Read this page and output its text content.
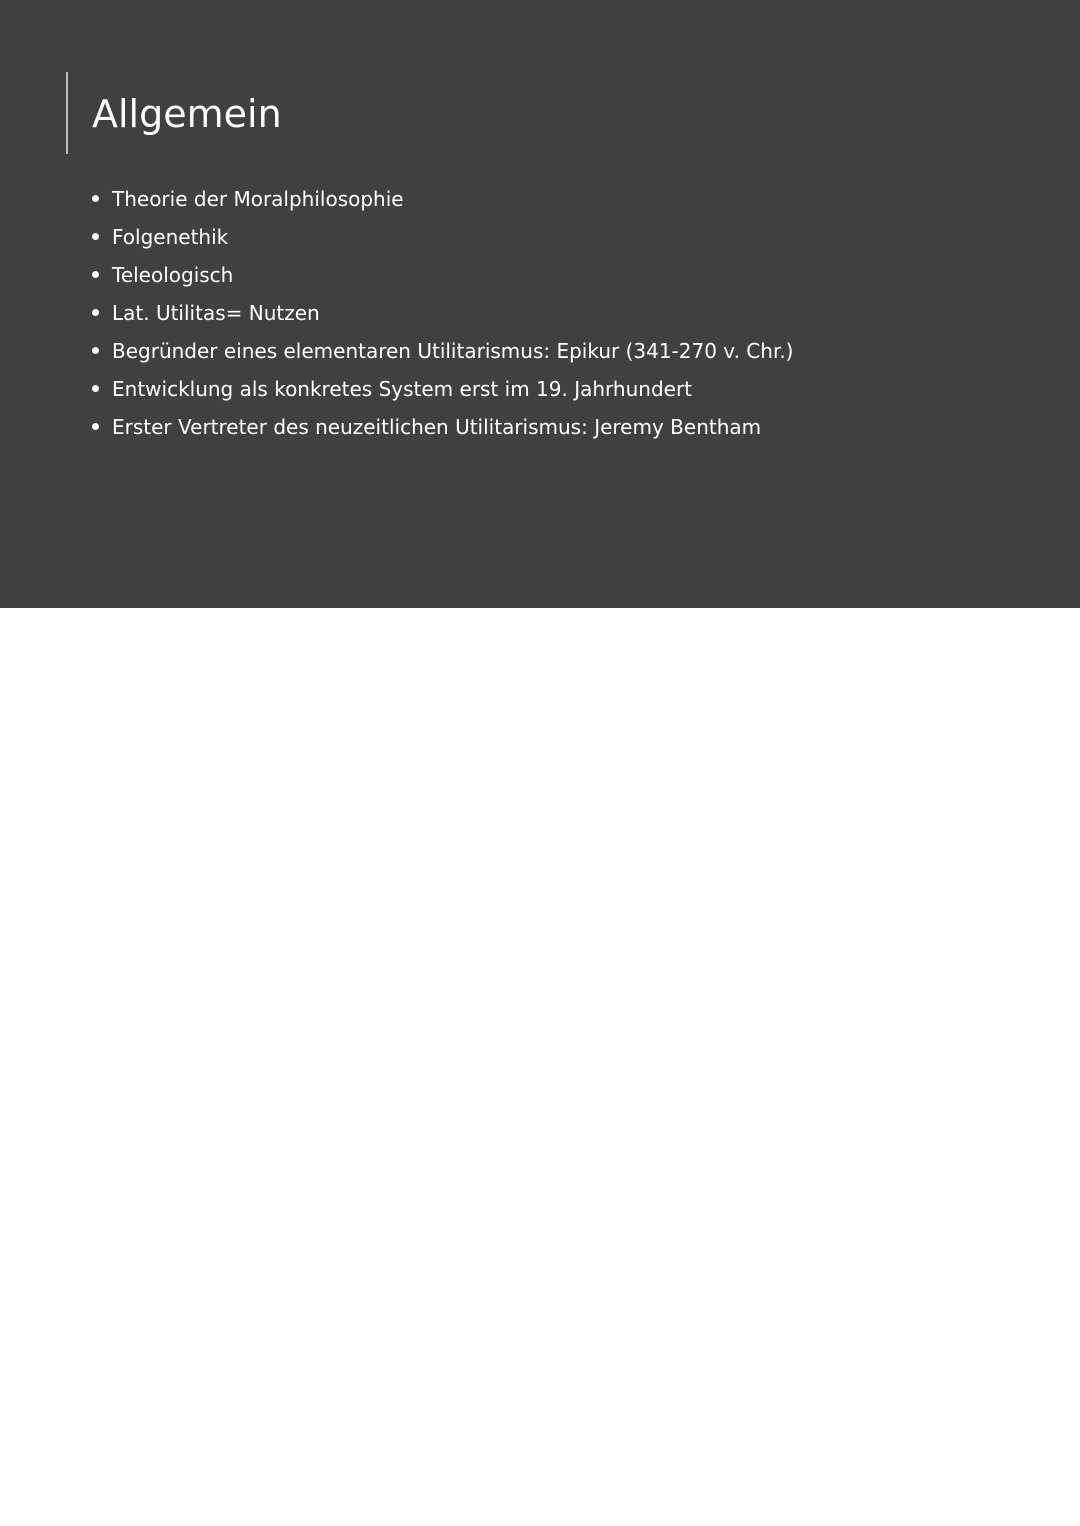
Allgemein
Theorie der Moralphilosophie
Folgenethik
Teleologisch
Lat. Utilitas= Nutzen
Begründer eines elementaren Utilitarismus: Epikur (341-270 v. Chr.)
Entwicklung als konkretes System erst im 19. Jahrhundert
Erster Vertreter des neuzeitlichen Utilitarismus: Jeremy Bentham
